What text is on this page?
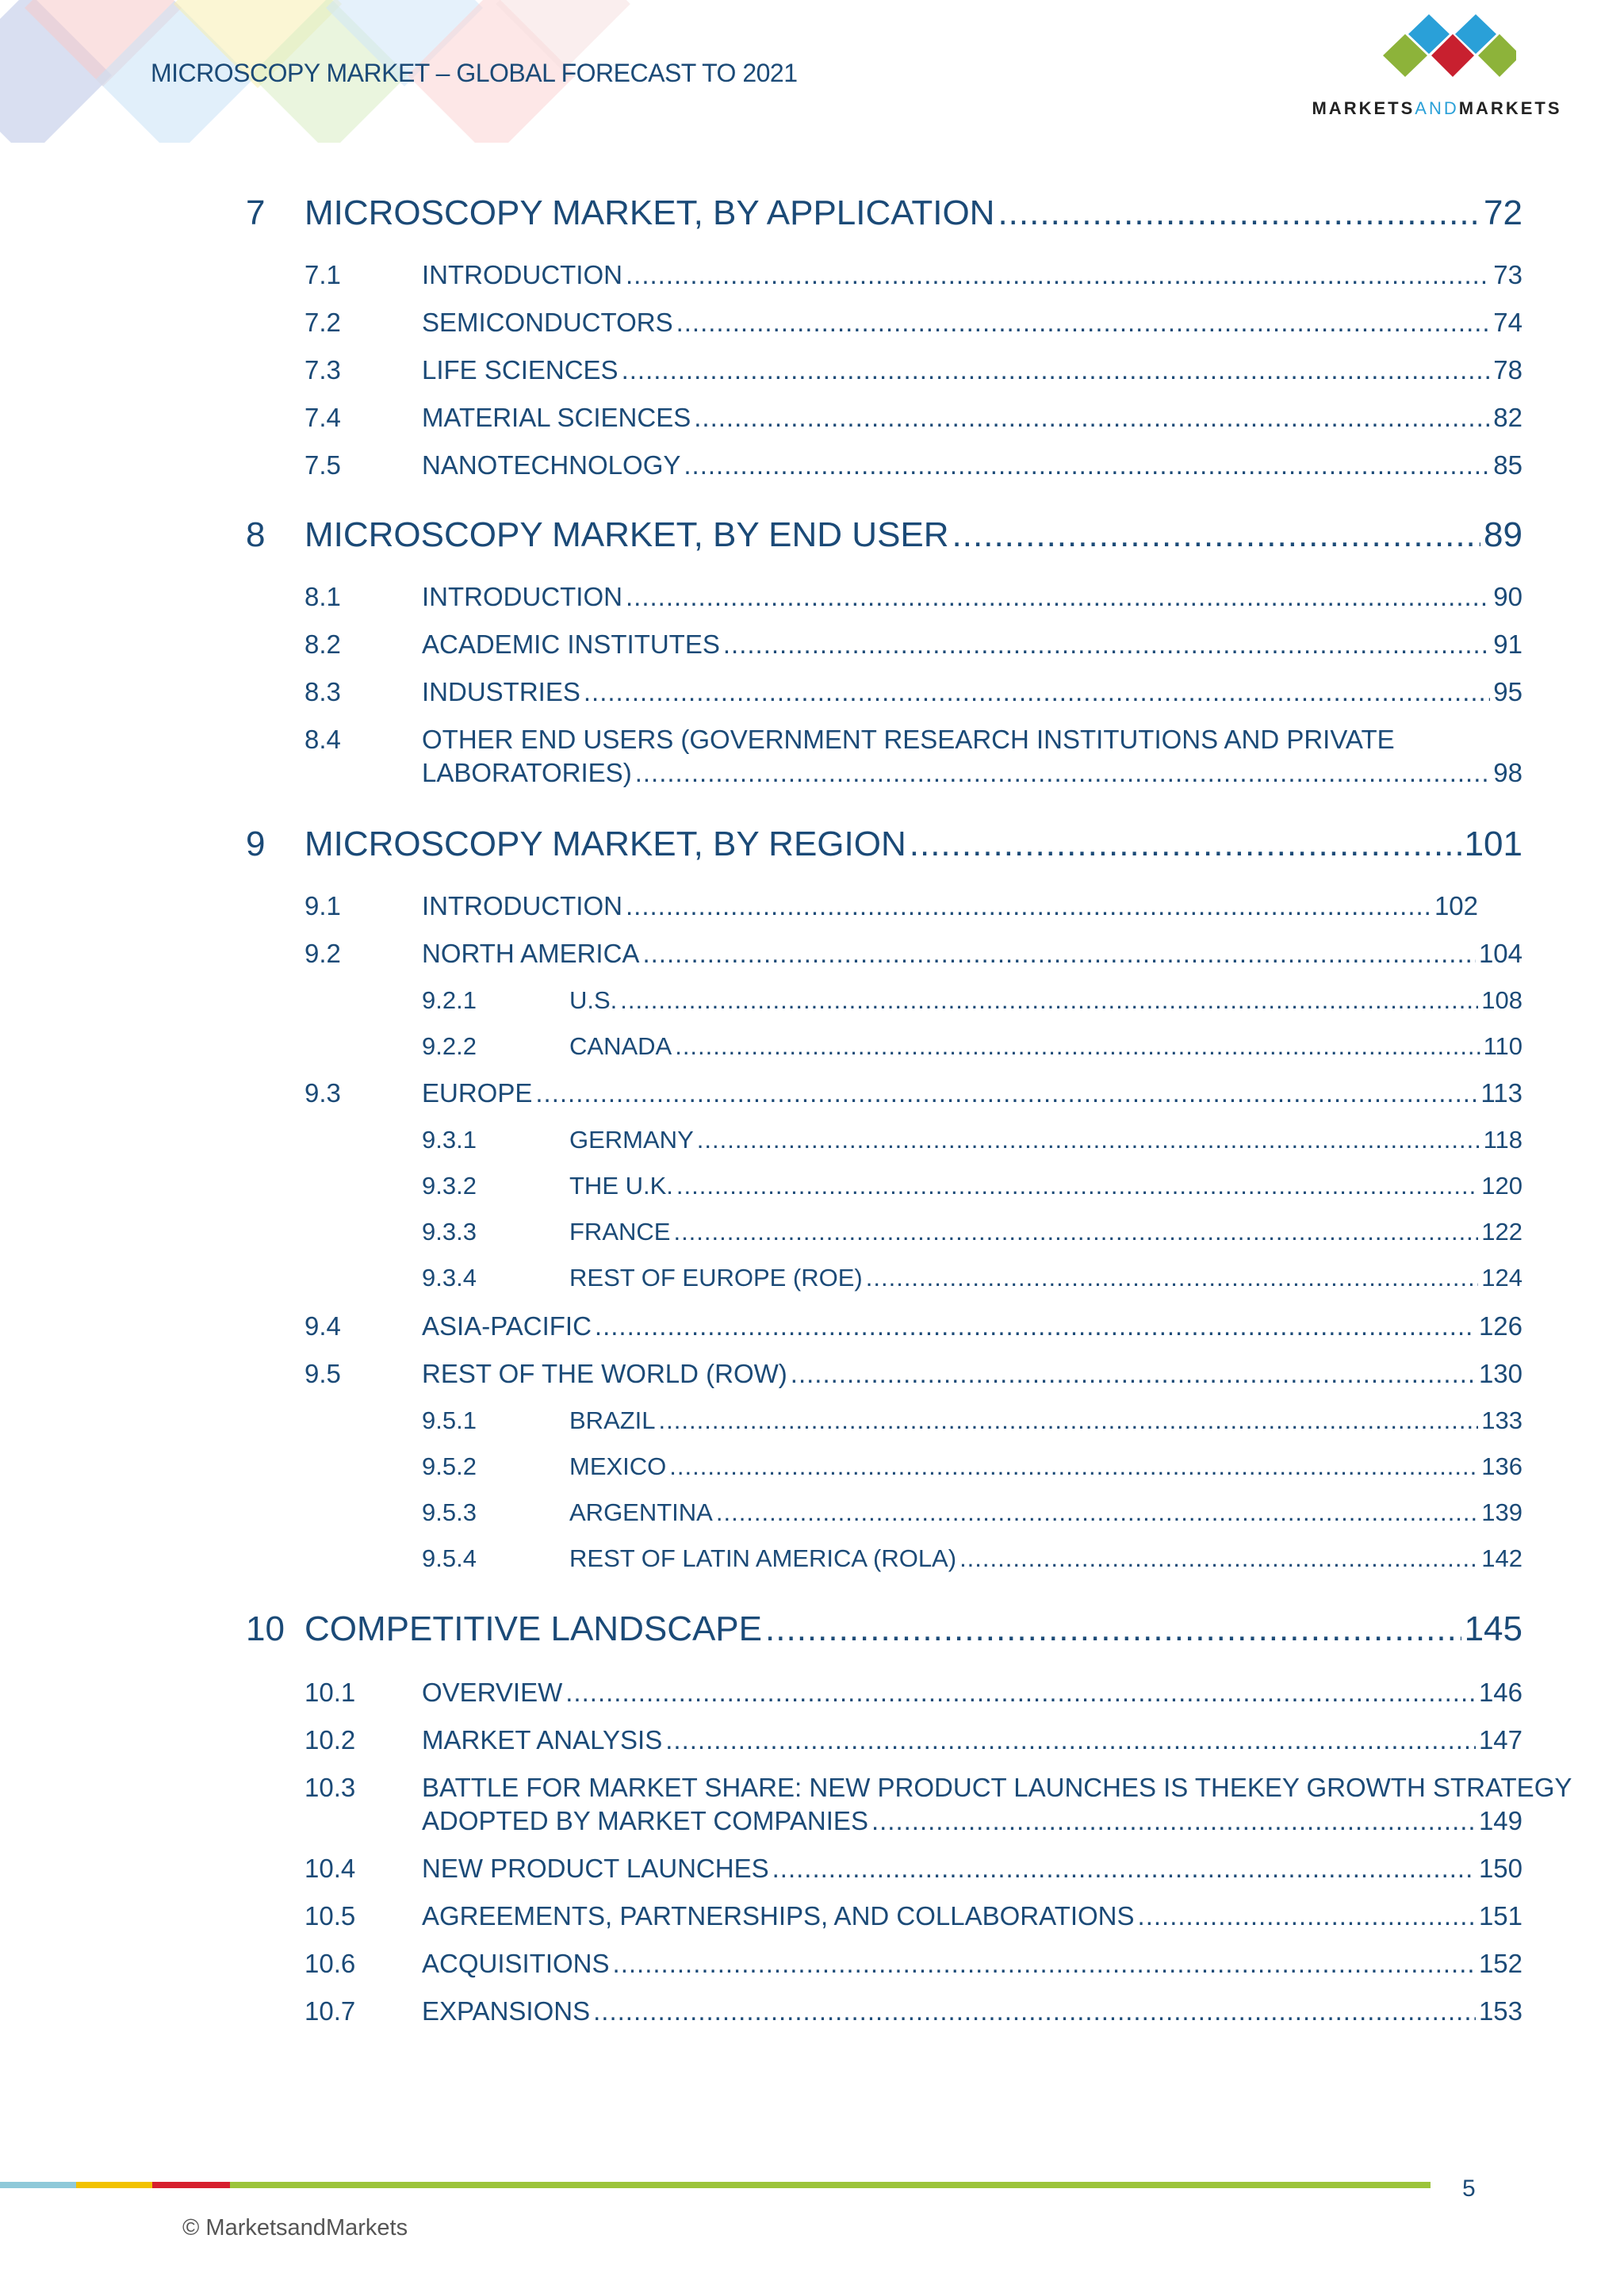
MICROSCOPY MARKET – GLOBAL FORECAST TO 2021
MARKETSANDMARKETS
7 MICROSCOPY MARKET, BY APPLICATION .....	72
7.1	INTRODUCTION .....	73
7.2	SEMICONDUCTORS .....	74
7.3	LIFE SCIENCES .....	78
7.4	MATERIAL SCIENCES .....	82
7.5	NANOTECHNOLOGY .....	85
8 MICROSCOPY MARKET, BY END USER .....	89
8.1	INTRODUCTION .....	90
8.2	ACADEMIC INSTITUTES .....	91
8.3	INDUSTRIES .....	95
8.4	OTHER END USERS (GOVERNMENT RESEARCH INSTITUTIONS AND PRIVATE
LABORATORIES) .....	98
9 MICROSCOPY MARKET, BY REGION .....	101
9.1	INTRODUCTION .....	102
9.2	NORTH AMERICA .....	104
9.2.1	U.S. .....	108
9.2.2	CANADA .....	110
9.3	EUROPE .....	113
9.3.1	GERMANY .....	118
9.3.2	THE U.K. .....	120
9.3.3	FRANCE .....	122
9.3.4	REST OF EUROPE (ROE) .....	124
9.4	ASIA-PACIFIC .....	126
9.5	REST OF THE WORLD (ROW) .....	130
9.5.1	BRAZIL .....	133
9.5.2	MEXICO .....	136
9.5.3	ARGENTINA .....	139
9.5.4	REST OF LATIN AMERICA (ROLA) .....	142
10 COMPETITIVE LANDSCAPE .....	145
10.1	OVERVIEW .....	146
10.2	MARKET ANALYSIS .....	147
10.3	BATTLE FOR MARKET SHARE: NEW PRODUCT LAUNCHES IS THEKEY GROWTH STRATEGY
ADOPTED BY MARKET COMPANIES .....	149
10.4	NEW PRODUCT LAUNCHES .....	150
10.5	AGREEMENTS, PARTNERSHIPS, AND COLLABORATIONS .....	151
10.6	ACQUISITIONS .....	152
10.7	EXPANSIONS .....	153
5
© MarketsandMarkets
